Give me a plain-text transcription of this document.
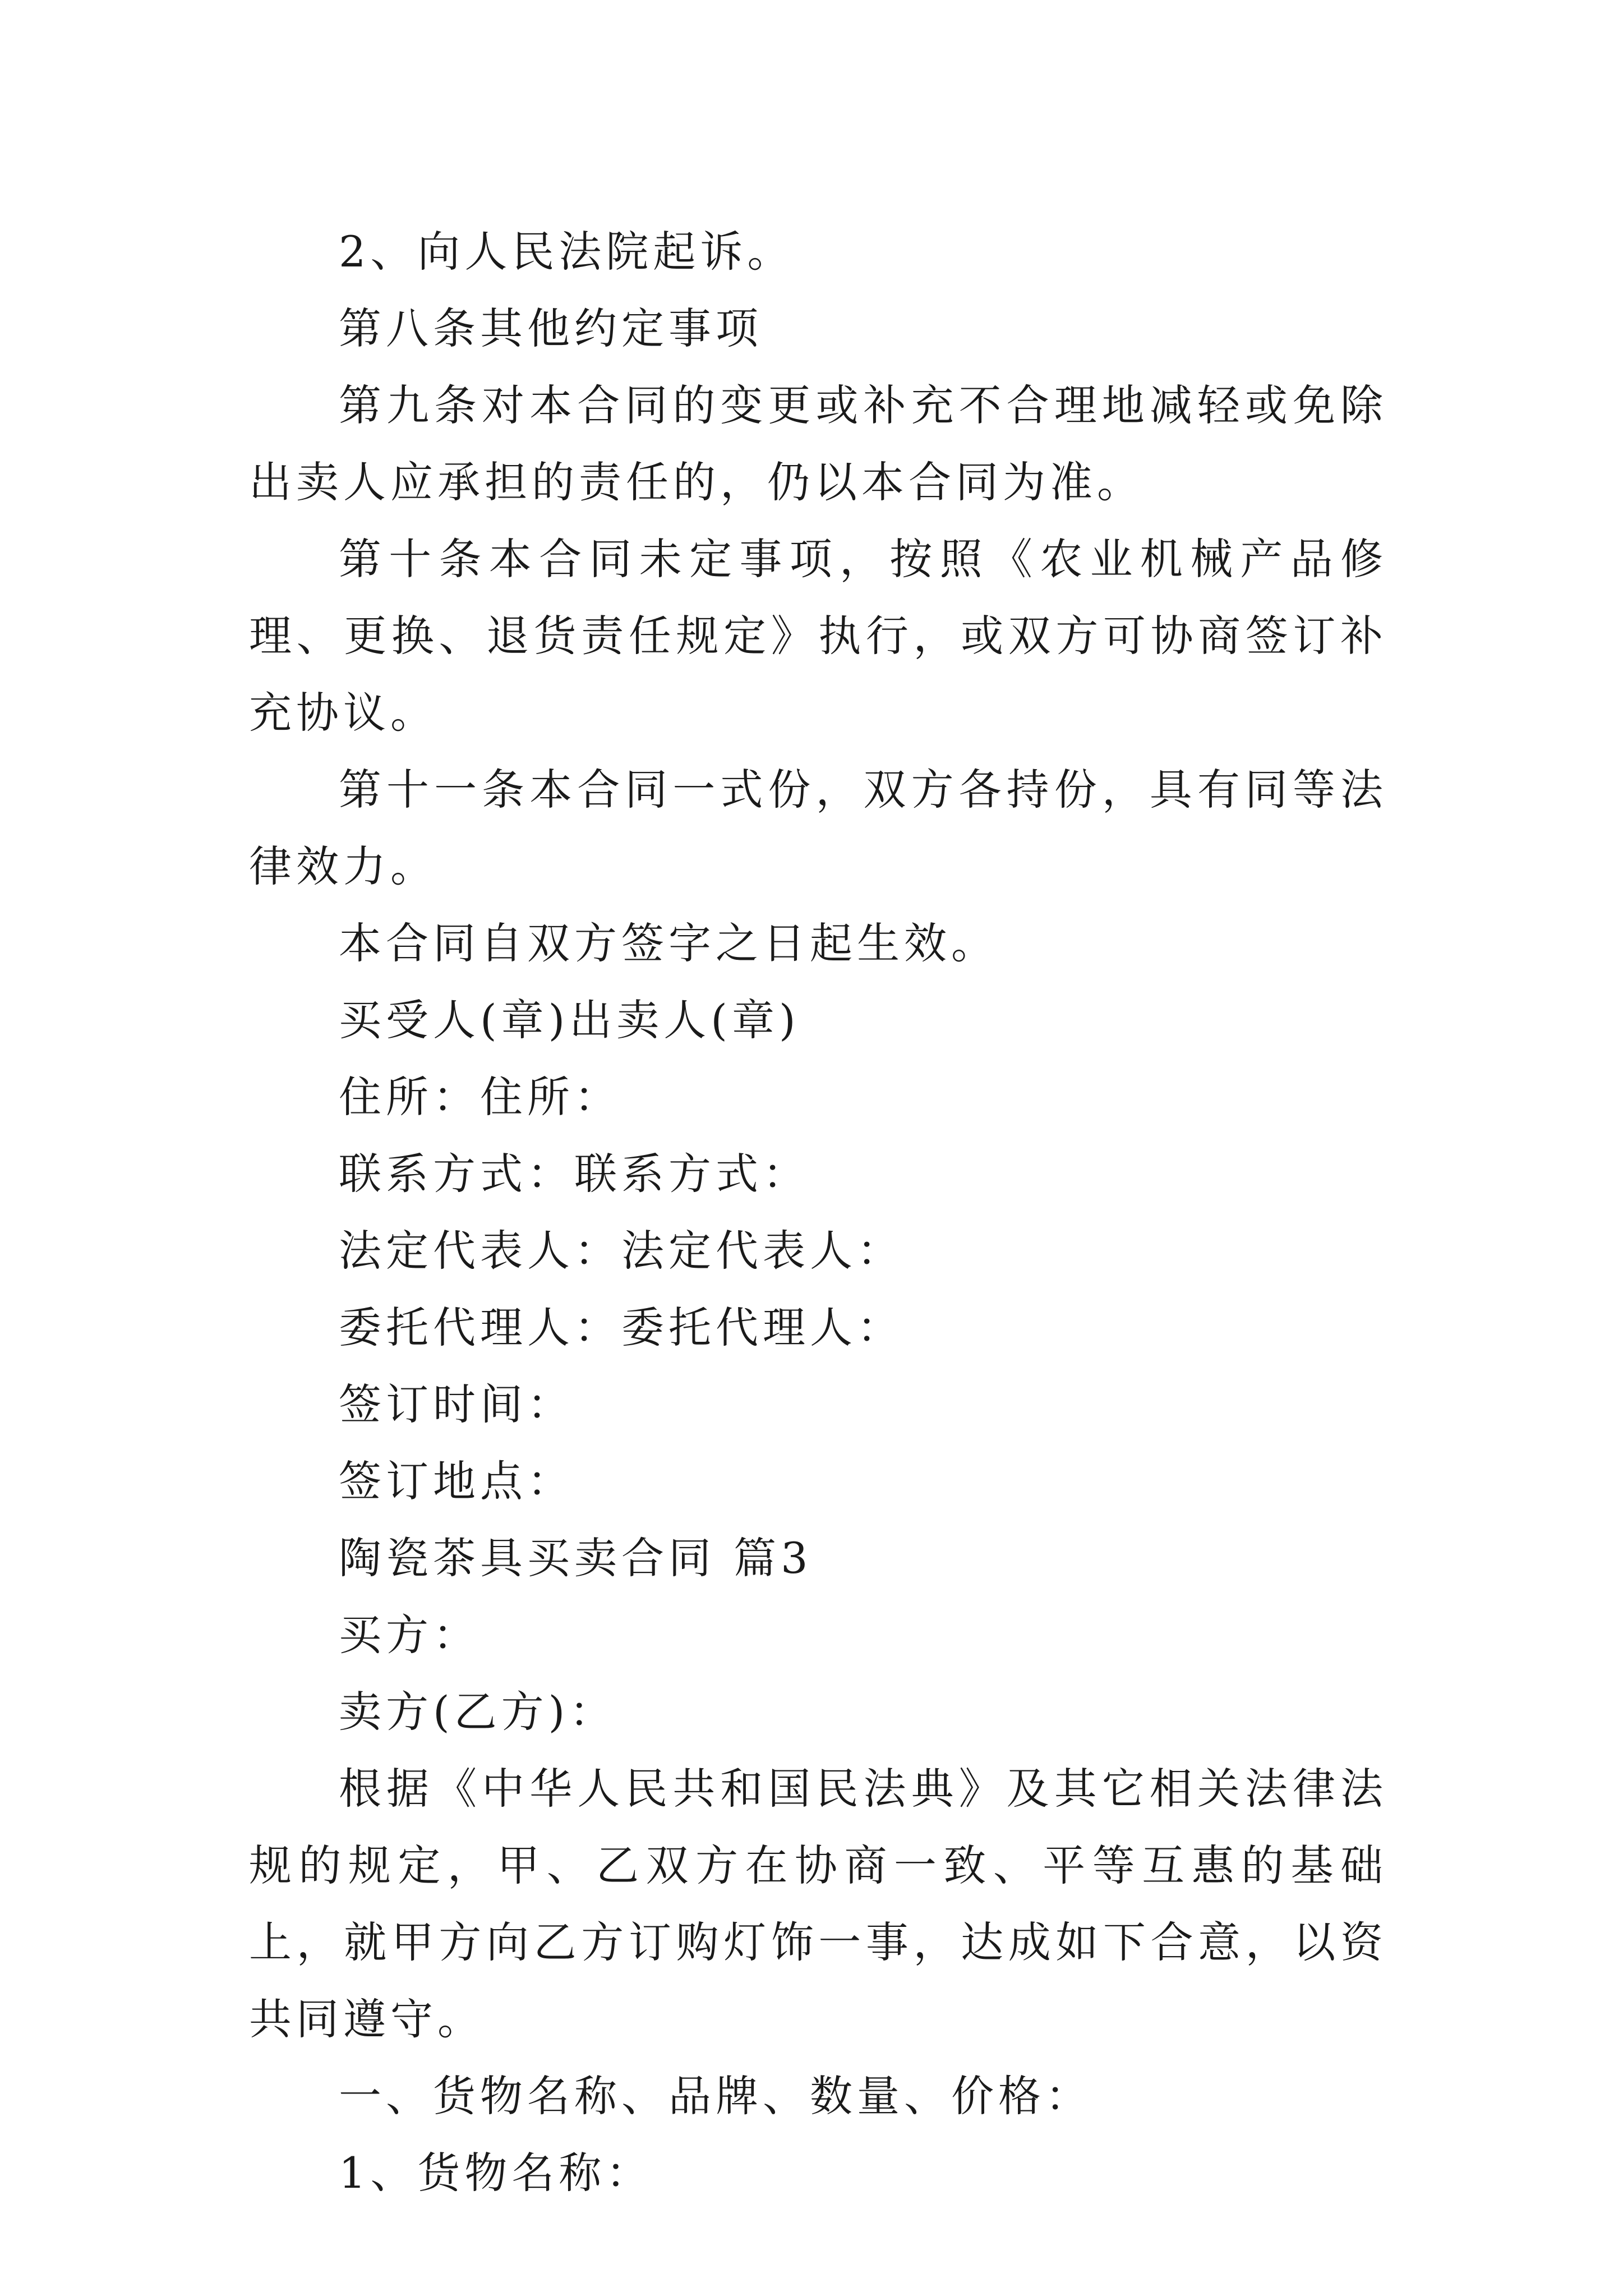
2、向人民法院起诉。

第八条其他约定事项

第九条对本合同的变更或补充不合理地减轻或免除出卖人应承担的责任的，仍以本合同为准。

第十条本合同未定事项，按照《农业机械产品修理、更换、退货责任规定》执行，或双方可协商签订补充协议。

第十一条本合同一式份，双方各持份，具有同等法律效力。

本合同自双方签字之日起生效。

买受人(章)出卖人(章)

住所：住所：

联系方式：联系方式：

法定代表人：法定代表人：

委托代理人：委托代理人：

签订时间：

签订地点：

陶瓷茶具买卖合同 篇3

买方：

卖方(乙方)：

根据《中华人民共和国民法典》及其它相关法律法规的规定，甲、乙双方在协商一致、平等互惠的基础上，就甲方向乙方订购灯饰一事，达成如下合意，以资共同遵守。

一、货物名称、品牌、数量、价格：

1、货物名称：
